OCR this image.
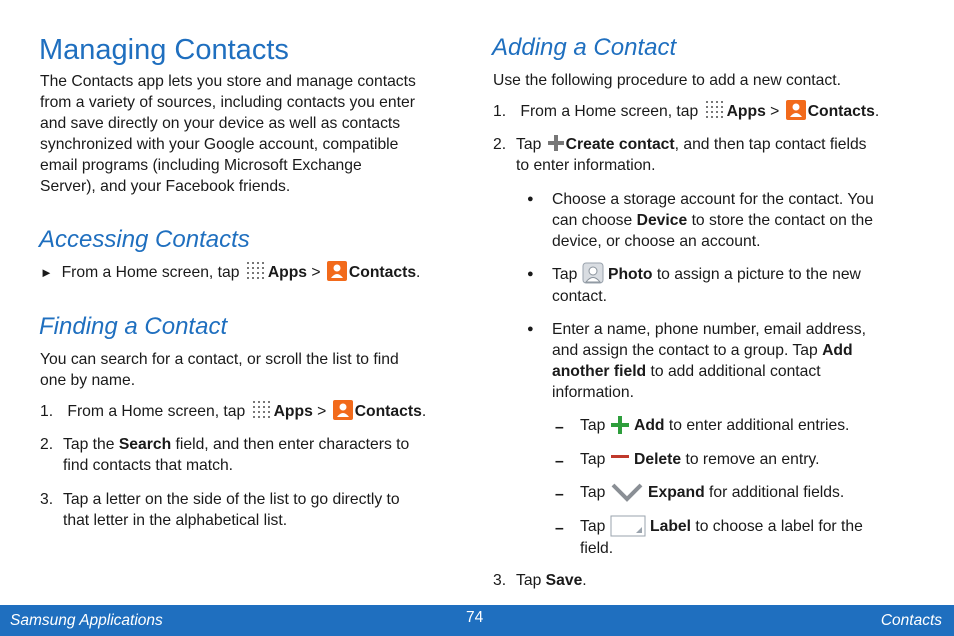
Managing Contacts
The Contacts app lets you store and manage contacts
from a variety of sources, including contacts you enter
and save directly on your device as well as contacts
synchronized with your Google account, compatible
email programs (including Microsoft Exchange
Server), and your Facebook friends.
Accessing Contacts
► From a Home screen, tap Apps > Contacts.
Finding a Contact
You can search for a contact, or scroll the list to find
one by name.
1. From a Home screen, tap Apps > Contacts.
2. Tap the Search field, and then enter characters to
find contacts that match.
3. Tap a letter on the side of the list to go directly to
that letter in the alphabetical list.
Adding a Contact
Use the following procedure to add a new contact.
1. From a Home screen, tap Apps > Contacts.
2. Tap Create contact, and then tap contact fields
to enter information.
● Choose a storage account for the contact. You
can choose Device to store the contact on the
device, or choose an account.
● Tap Photo to assign a picture to the new
contact.
● Enter a name, phone number, email address,
and assign the contact to a group. Tap Add
another field to add additional contact
information.
– Tap Add to enter additional entries.
– Tap Delete to remove an entry.
– Tap	Expand for additional fields.
– Tap	Label to choose a label for the
field.
3. Tap Save.
Samsung Applications	74	Contacts
